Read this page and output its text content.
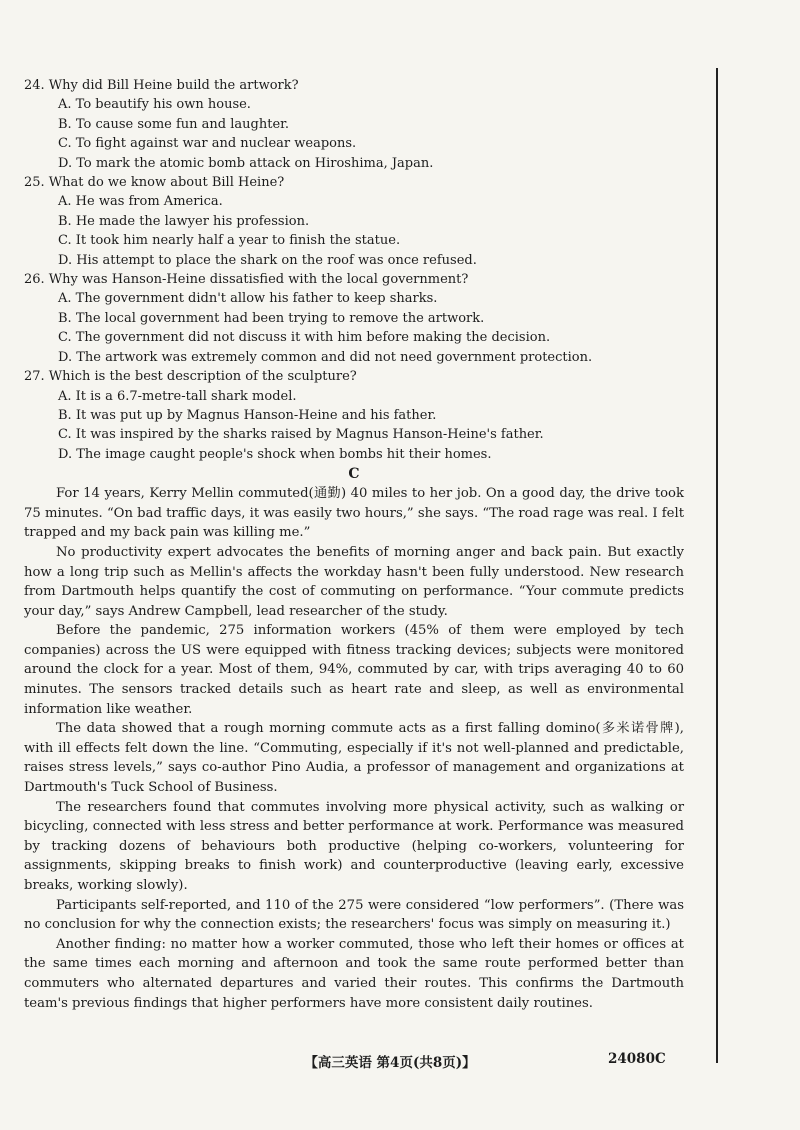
24. Why did Bill Heine build the artwork?
A. To beautify his own house.
B. To cause some fun and laughter.
C. To fight against war and nuclear weapons.
D. To mark the atomic bomb attack on Hiroshima, Japan.
25. What do we know about Bill Heine?
A. He was from America.
B. He made the lawyer his profession.
C. It took him nearly half a year to finish the statue.
D. His attempt to place the shark on the roof was once refused.
26. Why was Hanson-Heine dissatisfied with the local government?
A. The government didn't allow his father to keep sharks.
B. The local government had been trying to remove the artwork.
C. The government did not discuss it with him before making the decision.
D. The artwork was extremely common and did not need government protection.
27. Which is the best description of the sculpture?
A. It is a 6.7-metre-tall shark model.
B. It was put up by Magnus Hanson-Heine and his father.
C. It was inspired by the sharks raised by Magnus Hanson-Heine's father.
D. The image caught people's shock when bombs hit their homes.
C

For 14 years, Kerry Mellin commuted(通勤) 40 miles to her job. On a good day, the drive took 75 minutes. “On bad traffic days, it was easily two hours,” she says. “The road rage was real. I felt trapped and my back pain was killing me.”

No productivity expert advocates the benefits of morning anger and back pain. But exactly how a long trip such as Mellin's affects the workday hasn't been fully understood. New research from Dartmouth helps quantify the cost of commuting on performance. “Your commute predicts your day,” says Andrew Campbell, lead researcher of the study.

Before the pandemic, 275 information workers (45% of them were employed by tech companies) across the US were equipped with fitness tracking devices; subjects were monitored around the clock for a year. Most of them, 94%, commuted by car, with trips averaging 40 to 60 minutes. The sensors tracked details such as heart rate and sleep, as well as environmental information like weather.

The data showed that a rough morning commute acts as a first falling domino(多米诺骨牌), with ill effects felt down the line. “Commuting, especially if it's not well-planned and predictable, raises stress levels,” says co-author Pino Audia, a professor of management and organizations at Dartmouth's Tuck School of Business.

The researchers found that commutes involving more physical activity, such as walking or bicycling, connected with less stress and better performance at work. Performance was measured by tracking dozens of behaviours both productive (helping co-workers, volunteering for assignments, skipping breaks to finish work) and counterproductive (leaving early, excessive breaks, working slowly).

Participants self-reported, and 110 of the 275 were considered “low performers”. (There was no conclusion for why the connection exists; the researchers' focus was simply on measuring it.)

Another finding: no matter how a worker commuted, those who left their homes or offices at the same times each morning and afternoon and took the same route performed better than commuters who alternated departures and varied their routes. This confirms the Dartmouth team's previous findings that higher performers have more consistent daily routines.

【高三英语 第4页(共8页)】	24080C
